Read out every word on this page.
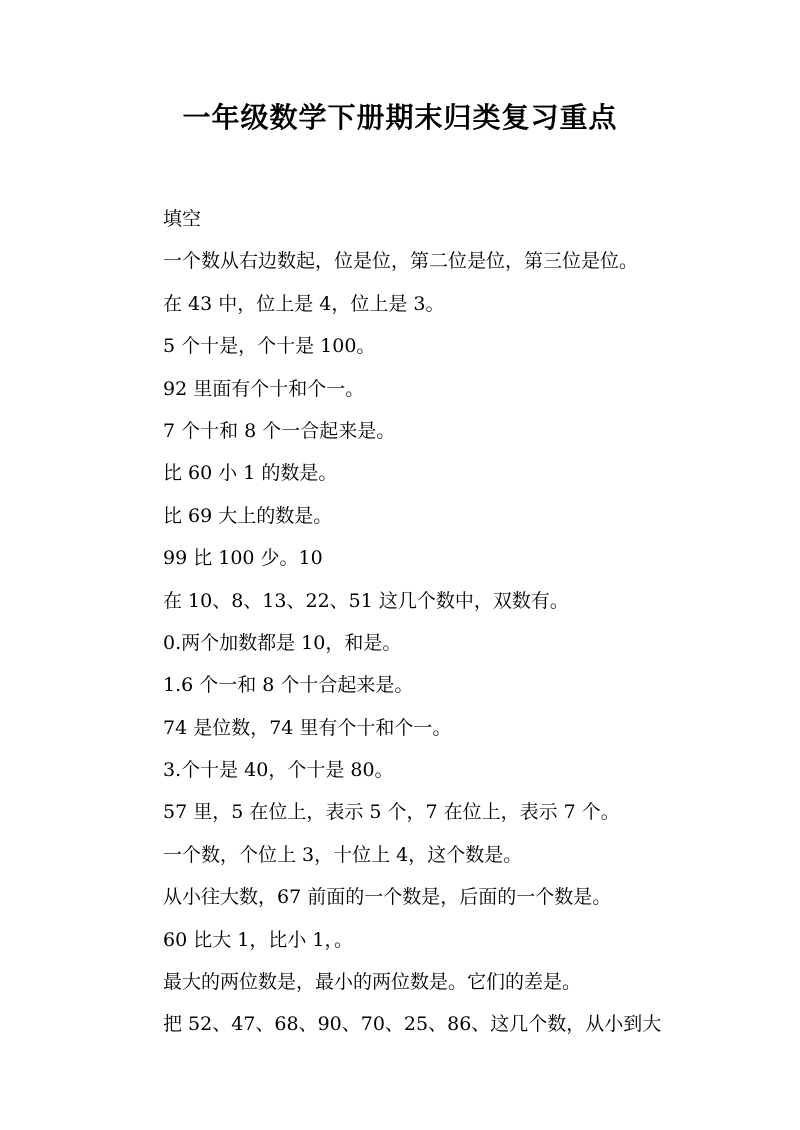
一年级数学下册期末归类复习重点
填空
一个数从右边数起，位是位，第二位是位，第三位是位。
在 43 中，位上是 4，位上是 3。
5 个十是，个十是 100。
92 里面有个十和个一。
7 个十和 8 个一合起来是。
比 60 小 1 的数是。
比 69 大上的数是。
99 比 100 少。10
在 10、8、13、22、51 这几个数中，双数有。
0.两个加数都是 10，和是。
1.6 个一和 8 个十合起来是。
74 是位数，74 里有个十和个一。
3.个十是 40，个十是 80。
57 里，5 在位上，表示 5 个，7 在位上，表示 7 个。
一个数，个位上 3，十位上 4，这个数是。
从小往大数，67 前面的一个数是，后面的一个数是。
60 比大 1，比小 1，。
最大的两位数是，最小的两位数是。它们的差是。
把 52、47、68、90、70、25、86、这几个数，从小到大
